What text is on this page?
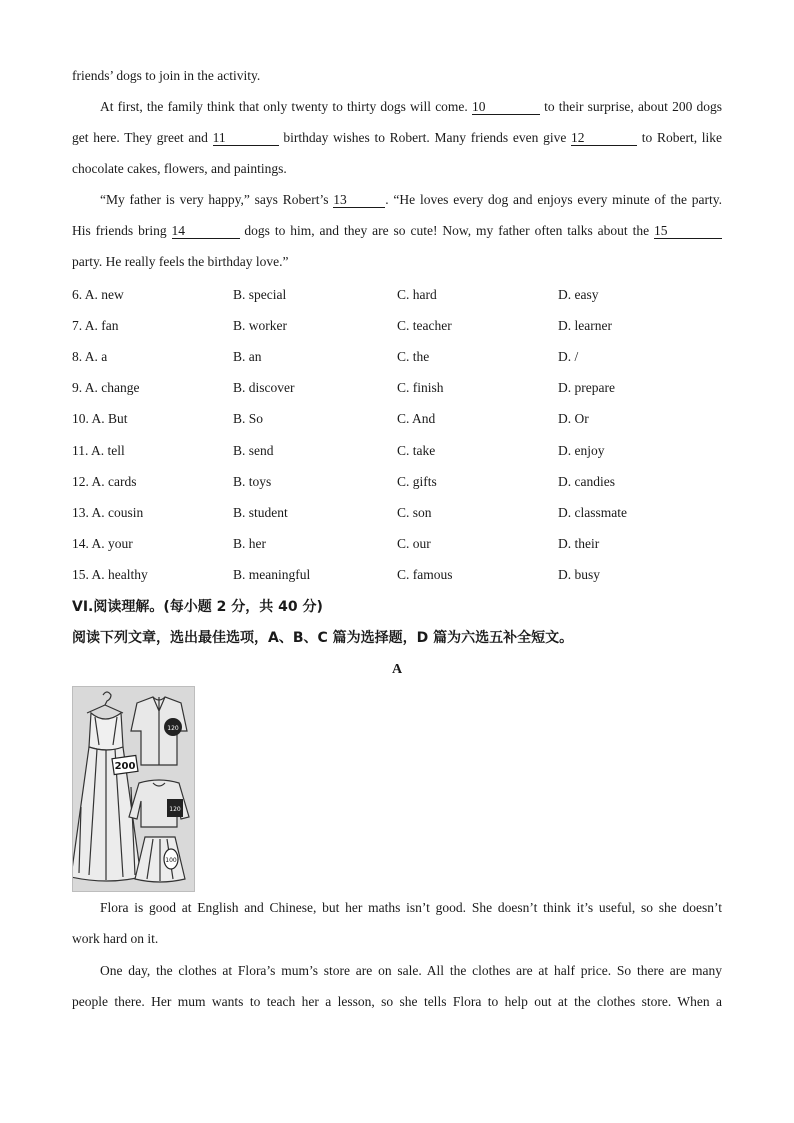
friends’ dogs to join in the activity.
At first, the family think that only twenty to thirty dogs will come. 10	to their surprise, about 200 dogs
get here. They greet and 11	birthday wishes to Robert. Many friends even give 12	to Robert, like
chocolate cakes, flowers, and paintings.
“My father is very happy,” says Robert’s 13	. “He loves every dog and enjoys every minute of the party.
His friends bring 14	dogs to him, and they are so cute! Now, my father often talks about the 15
party. He really feels the birthday love.”
6. A. new	B. special	C. hard	D. easy
7. A. fan	B. worker	C. teacher	D. learner
8. A. a	B. an	C. the	D. /
9. A. change	B. discover	C. finish	D. prepare
10. A. But	B. So	C. And	D. Or
11. A. tell	B. send	C. take	D. enjoy
12. A. cards	B. toys	C. gifts	D. candies
13. A. cousin	B. student	C. son	D. classmate
14. A. your	B. her	C. our	D. their
15. A. healthy	B. meaningful	C. famous	D. busy
VI.阅读理解。(每小题 2 分，共 40 分)
阅读下列文章，选出最佳选项，A、B、C 篇为选择题，D 篇为六选五补全短文。
A
200
120
120
100
Flora is good at English and Chinese, but her maths isn’t good. She doesn’t think it’s useful, so she doesn’t
work hard on it.
One day, the clothes at Flora’s mum’s store are on sale. All the clothes are at half price. So there are many
people there. Her mum wants to teach her a lesson, so she tells Flora to help out at the clothes store. When a
